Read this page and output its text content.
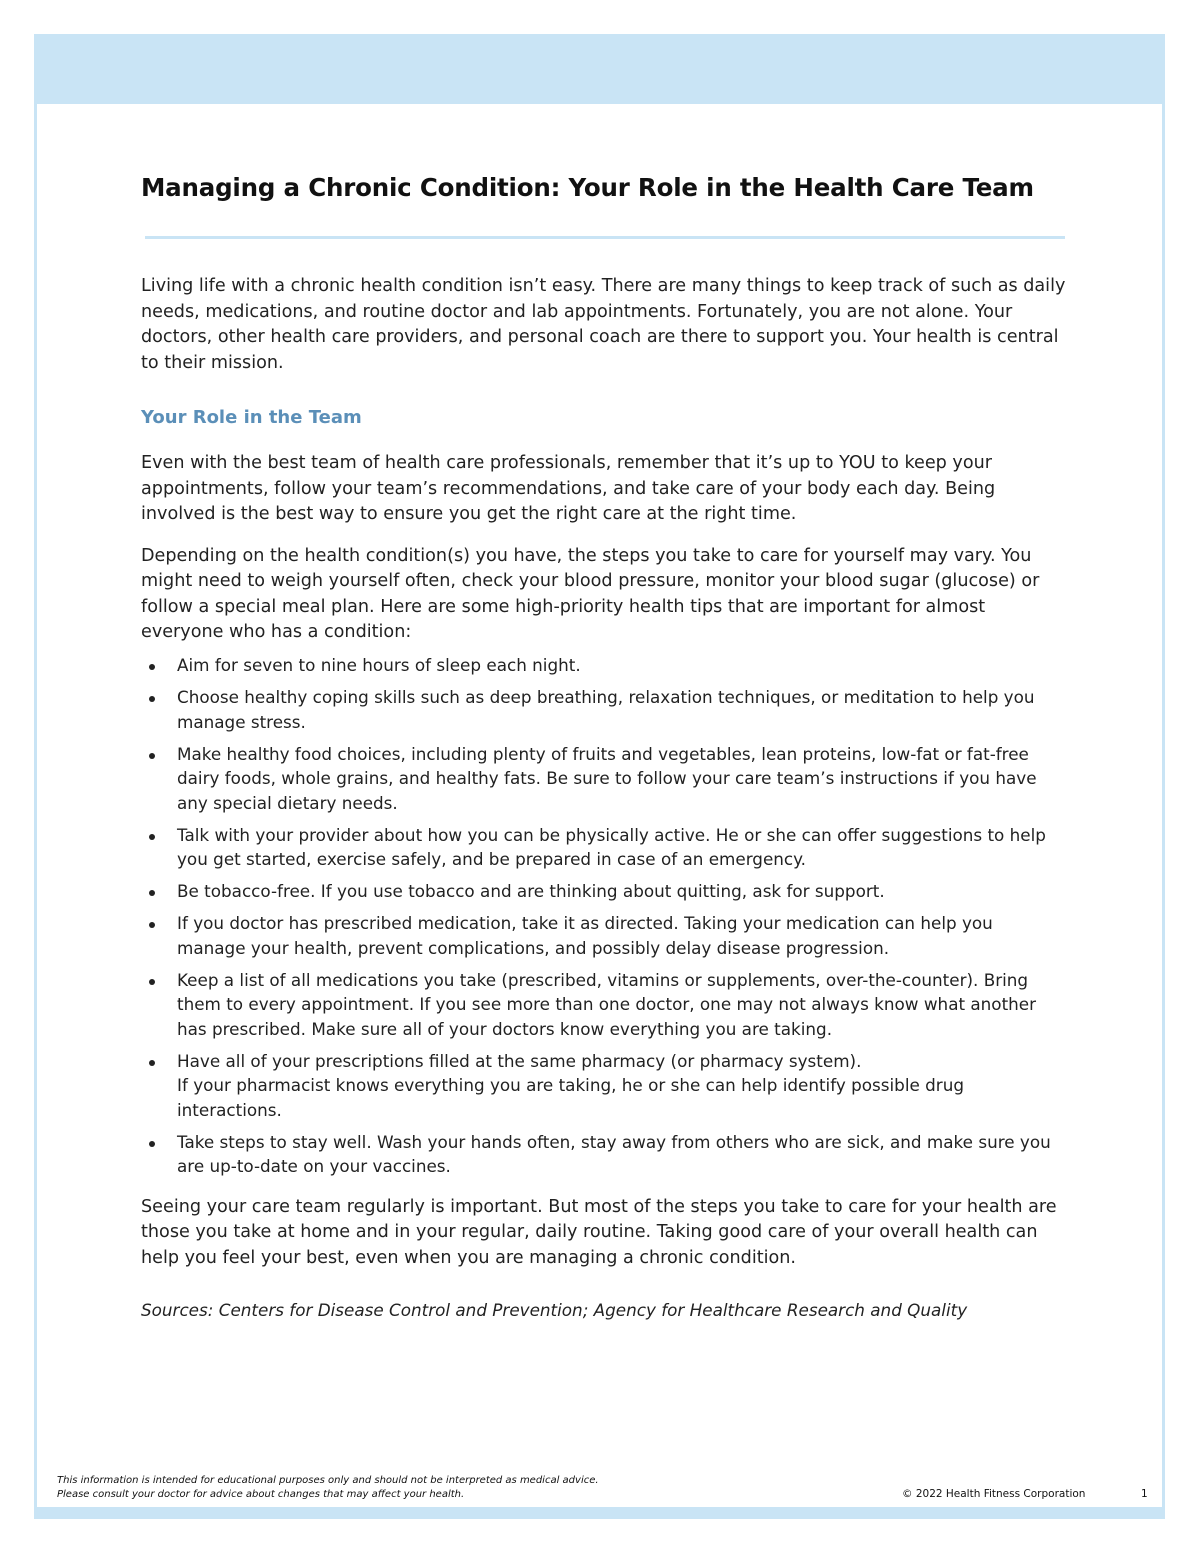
Managing a Chronic Condition: Your Role in the Health Care Team

Living life with a chronic health condition isn’t easy. There are many things to keep track of such as daily needs, medications, and routine doctor and lab appointments. Fortunately, you are not alone. Your doctors, other health care providers, and personal coach are there to support you. Your health is central to their mission.

Your Role in the Team

Even with the best team of health care professionals, remember that it’s up to YOU to keep your appointments, follow your team’s recommendations, and take care of your body each day. Being involved is the best way to ensure you get the right care at the right time.

Depending on the health condition(s) you have, the steps you take to care for yourself may vary. You might need to weigh yourself often, check your blood pressure, monitor your blood sugar (glucose) or follow a special meal plan. Here are some high-priority health tips that are important for almost everyone who has a condition:

Aim for seven to nine hours of sleep each night.
Choose healthy coping skills such as deep breathing, relaxation techniques, or meditation to help you manage stress.
Make healthy food choices, including plenty of fruits and vegetables, lean proteins, low-fat or fat-free dairy foods, whole grains, and healthy fats. Be sure to follow your care team’s instructions if you have any special dietary needs.
Talk with your provider about how you can be physically active. He or she can offer suggestions to help you get started, exercise safely, and be prepared in case of an emergency.
Be tobacco-free. If you use tobacco and are thinking about quitting, ask for support.
If you doctor has prescribed medication, take it as directed. Taking your medication can help you manage your health, prevent complications, and possibly delay disease progression.
Keep a list of all medications you take (prescribed, vitamins or supplements, over-the-counter). Bring them to every appointment. If you see more than one doctor, one may not always know what another has prescribed. Make sure all of your doctors know everything you are taking.
Have all of your prescriptions filled at the same pharmacy (or pharmacy system).
If your pharmacist knows everything you are taking, he or she can help identify possible drug interactions.
Take steps to stay well. Wash your hands often, stay away from others who are sick, and make sure you are up-to-date on your vaccines.

Seeing your care team regularly is important. But most of the steps you take to care for your health are those you take at home and in your regular, daily routine. Taking good care of your overall health can help you feel your best, even when you are managing a chronic condition.

Sources: Centers for Disease Control and Prevention; Agency for Healthcare Research and Quality

This information is intended for educational purposes only and should not be interpreted as medical advice.
Please consult your doctor for advice about changes that may affect your health.	© 2022 Health Fitness Corporation	1
